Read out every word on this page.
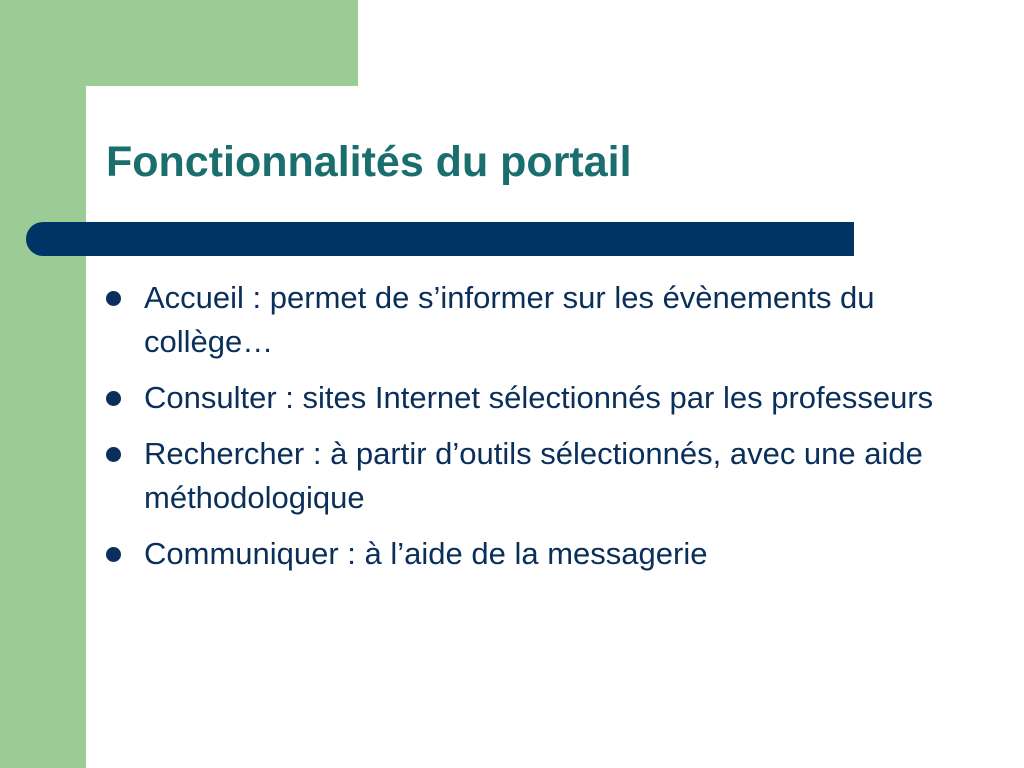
Fonctionnalités du portail
Accueil : permet de s’informer sur les évènements du collège…
Consulter : sites Internet sélectionnés par les professeurs
Rechercher : à partir d’outils sélectionnés, avec une aide méthodologique
Communiquer : à l’aide de la messagerie
